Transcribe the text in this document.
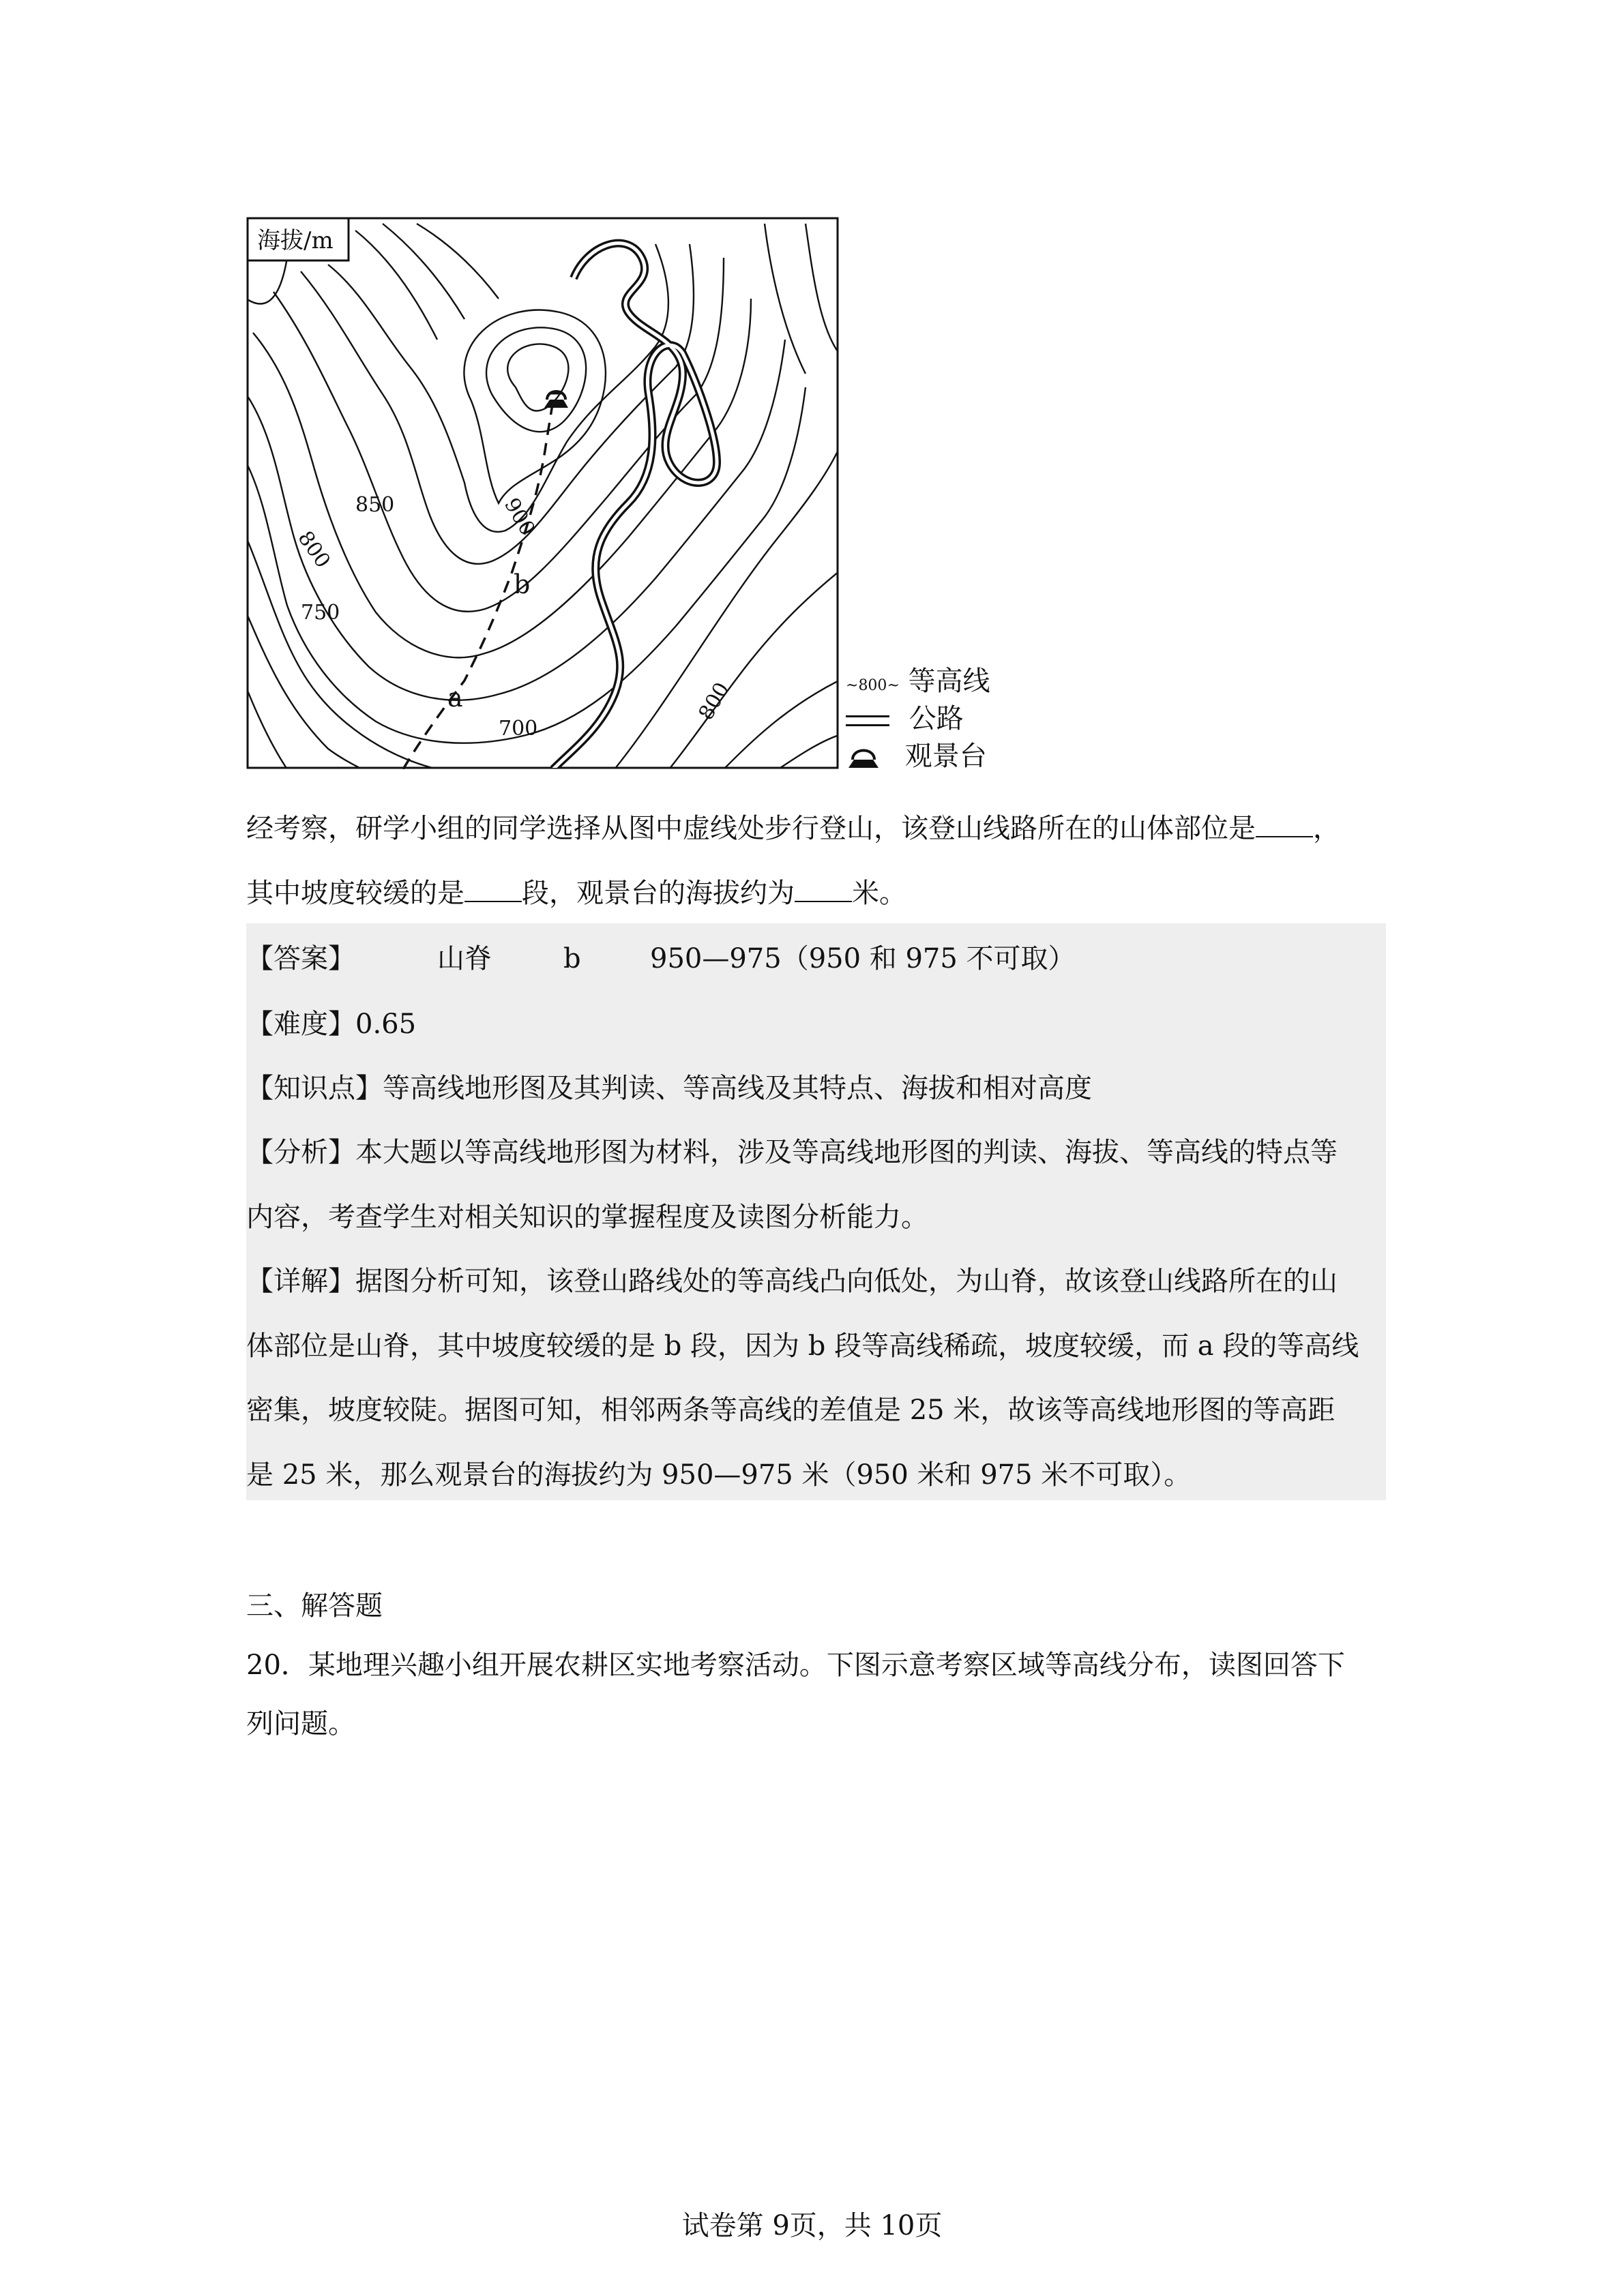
海拔/m
900
850
800
750
700
800
a
b
~800~ 等高线
公路
观景台
经考察，研学小组的同学选择从图中虚线处步行登山，该登山线路所在的山体部位是 ，
其中坡度较缓的是 段，观景台的海拔约为 米。
【答案】	山脊	b	950—975（950 和 975 不可取）
【难度】0.65
【知识点】等高线地形图及其判读、等高线及其特点、海拔和相对高度
【分析】本大题以等高线地形图为材料，涉及等高线地形图的判读、海拔、等高线的特点等
内容，考查学生对相关知识的掌握程度及读图分析能力。
【详解】据图分析可知，该登山路线处的等高线凸向低处，为山脊，故该登山线路所在的山
体部位是山脊，其中坡度较缓的是 b 段，因为 b 段等高线稀疏，坡度较缓，而 a 段的等高线
密集，坡度较陡。据图可知，相邻两条等高线的差值是 25 米，故该等高线地形图的等高距
是 25 米，那么观景台的海拔约为 950—975 米（950 米和 975 米不可取）。
三、解答题
20．某地理兴趣小组开展农耕区实地考察活动。下图示意考察区域等高线分布，读图回答下
列问题。
试卷第 9页，共 10页
